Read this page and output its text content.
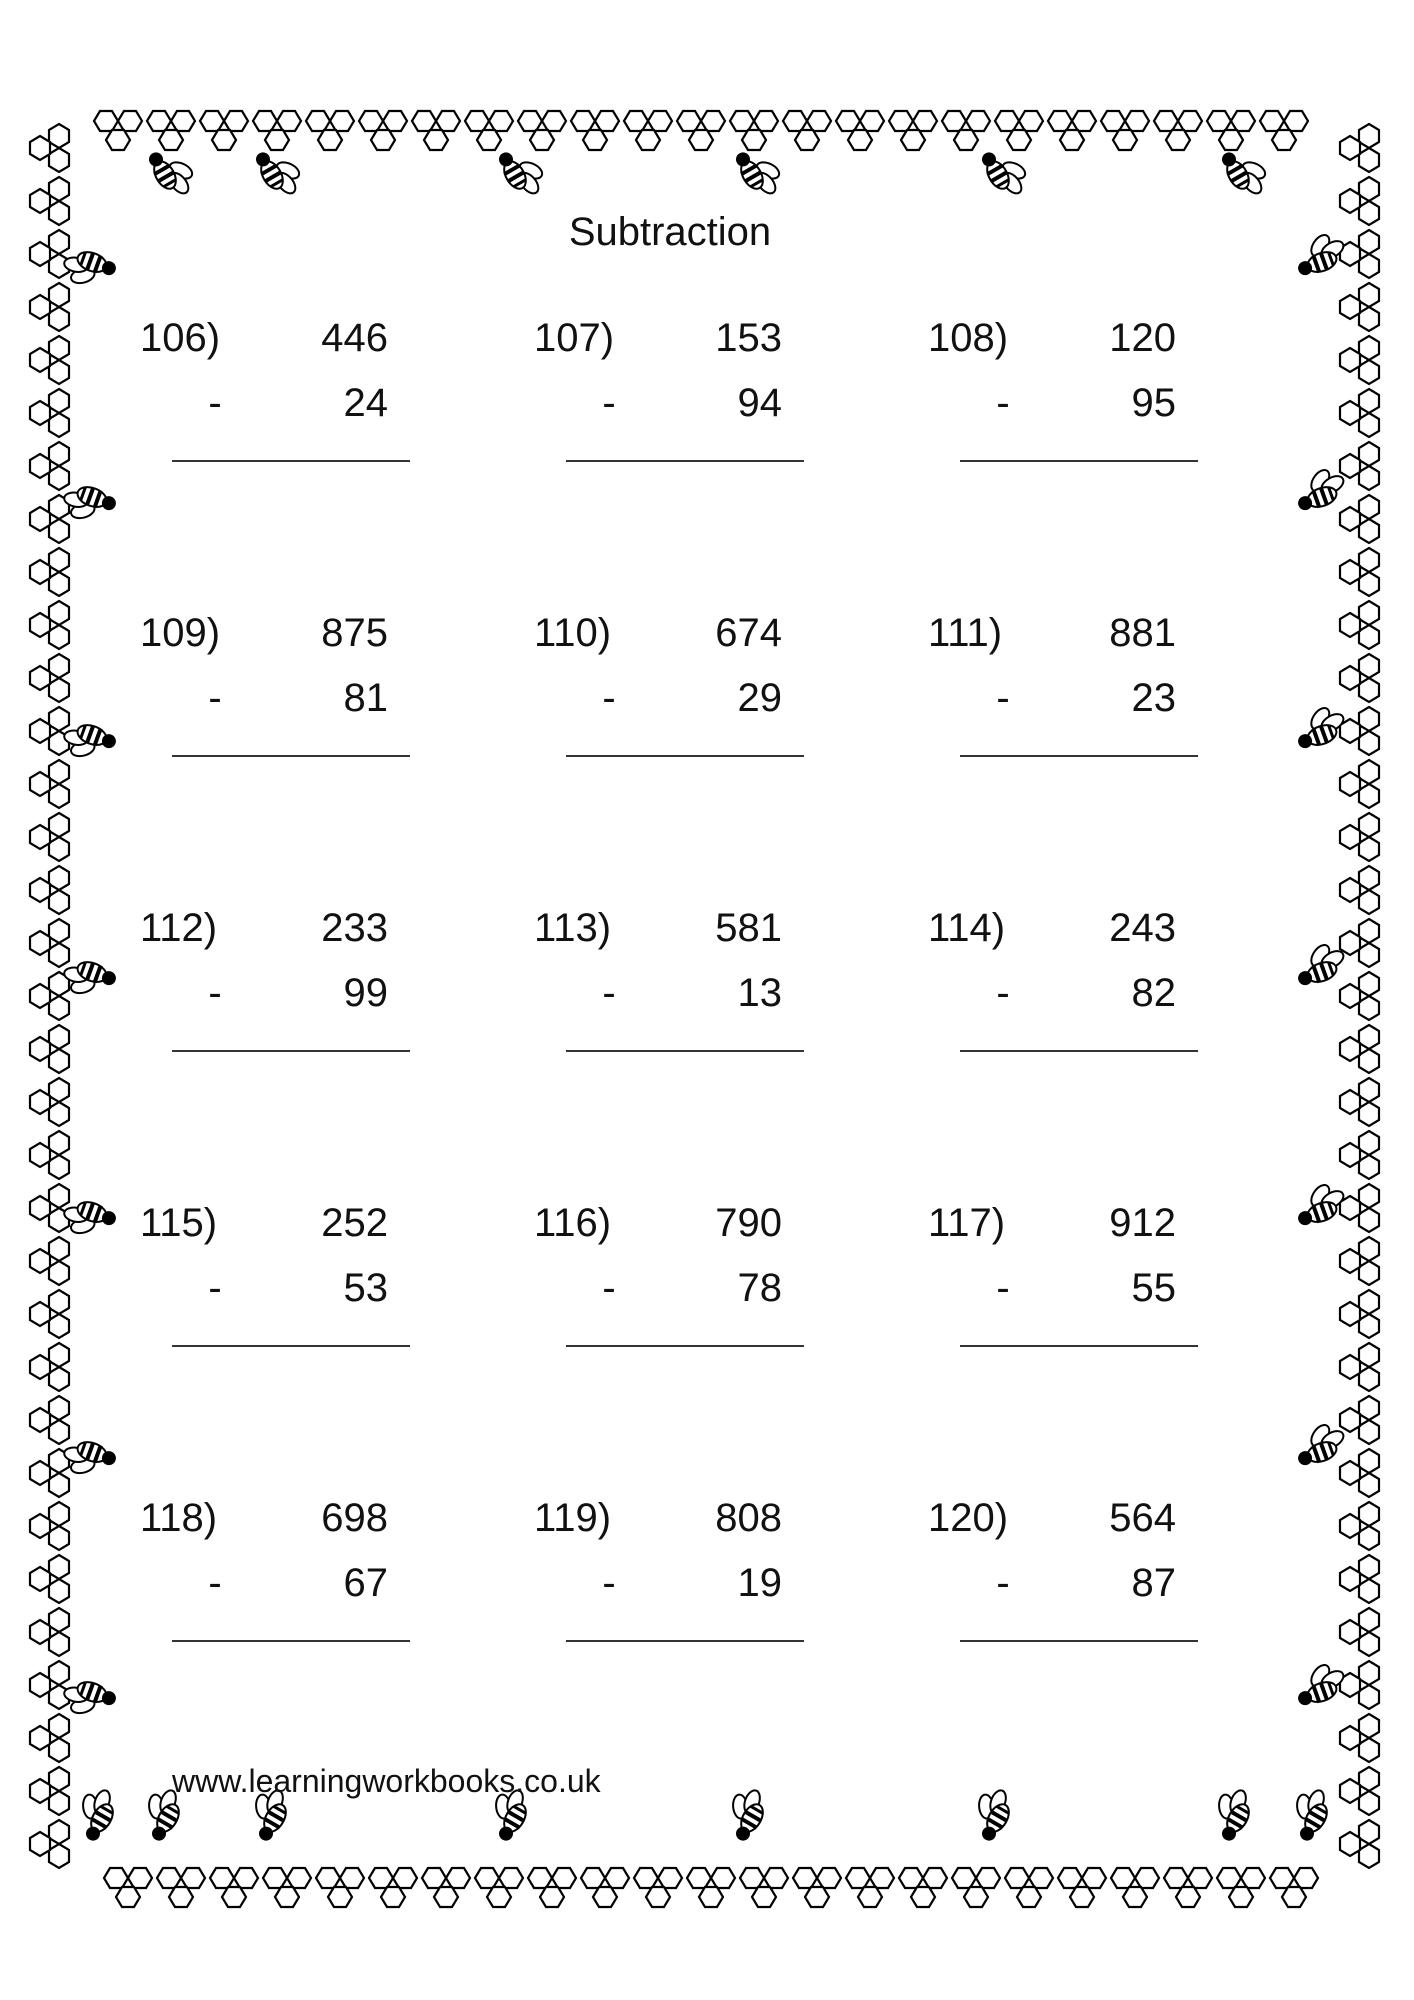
Subtraction
106)	446
-	24
107)	153
-	94
108)	120
-	95
109)	875
-	81
110)	674
-	29
111)	881
-	23
112)	233
-	99
113)	581
-	13
114)	243
-	82
115)	252
-	53
116)	790
-	78
117)	912
-	55
118)	698
-	67
119)	808
-	19
120)	564
-	87
www.learningworkbooks.co.uk
